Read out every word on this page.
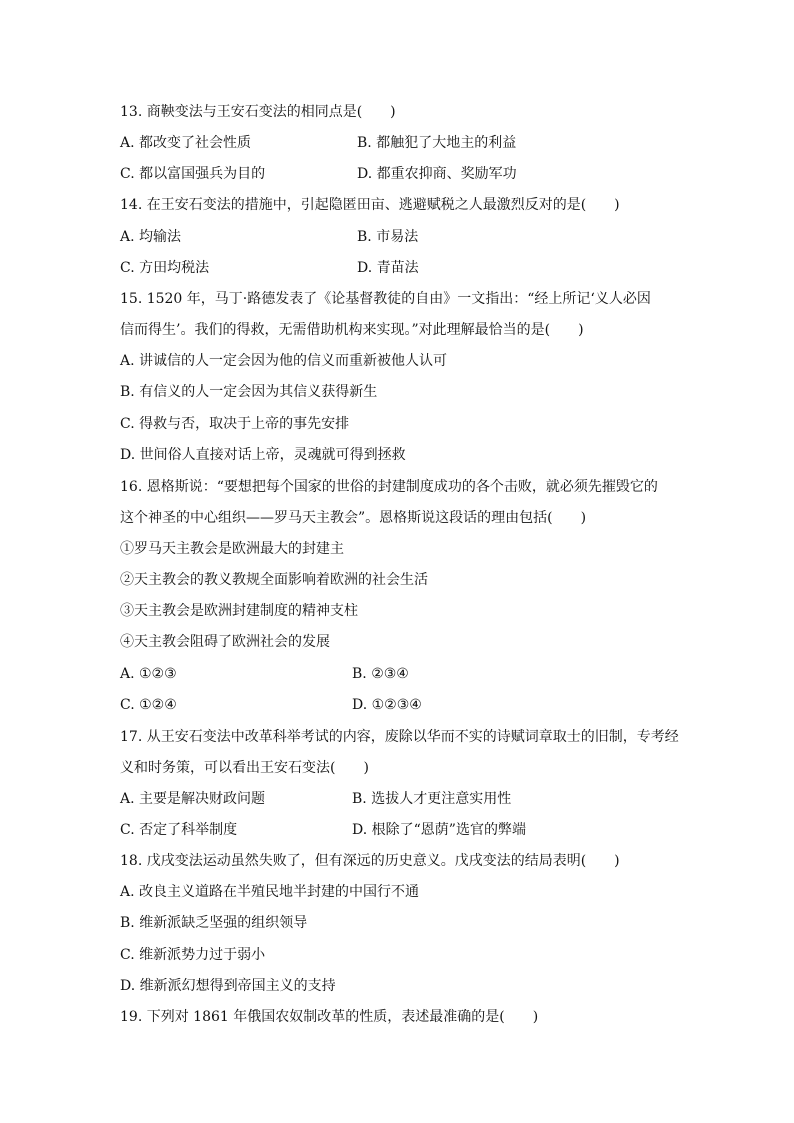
13. 商鞅变法与王安石变法的相同点是(　　)
A. 都改变了社会性质	B. 都触犯了大地主的利益
C. 都以富国强兵为目的	D. 都重农抑商、奖励军功
14. 在王安石变法的措施中，引起隐匿田亩、逃避赋税之人最激烈反对的是(　　)
A. 均输法	B. 市易法
C. 方田均税法	D. 青苗法
15. 1520 年，马丁·路德发表了《论基督教徒的自由》一文指出：“经上所记‘义人必因
信而得生’。我们的得救，无需借助机构来实现。”对此理解最恰当的是(　　)
A. 讲诚信的人一定会因为他的信义而重新被他人认可
B. 有信义的人一定会因为其信义获得新生
C. 得救与否，取决于上帝的事先安排
D. 世间俗人直接对话上帝，灵魂就可得到拯救
16. 恩格斯说：“要想把每个国家的世俗的封建制度成功的各个击败，就必须先摧毁它的
这个神圣的中心组织——罗马天主教会”。恩格斯说这段话的理由包括(　　)
①罗马天主教会是欧洲最大的封建主
②天主教会的教义教规全面影响着欧洲的社会生活
③天主教会是欧洲封建制度的精神支柱
④天主教会阻碍了欧洲社会的发展
A. ①②③	B. ②③④
C. ①②④	D. ①②③④
17. 从王安石变法中改革科举考试的内容，废除以华而不实的诗赋词章取士的旧制，专考经
义和时务策，可以看出王安石变法(　　)
A. 主要是解决财政问题	B. 选拔人才更注意实用性
C. 否定了科举制度	D. 根除了“恩荫”选官的弊端
18. 戊戌变法运动虽然失败了，但有深远的历史意义。戊戌变法的结局表明(　　)
A. 改良主义道路在半殖民地半封建的中国行不通
B. 维新派缺乏坚强的组织领导
C. 维新派势力过于弱小
D. 维新派幻想得到帝国主义的支持
19. 下列对 1861 年俄国农奴制改革的性质，表述最准确的是(　　)
